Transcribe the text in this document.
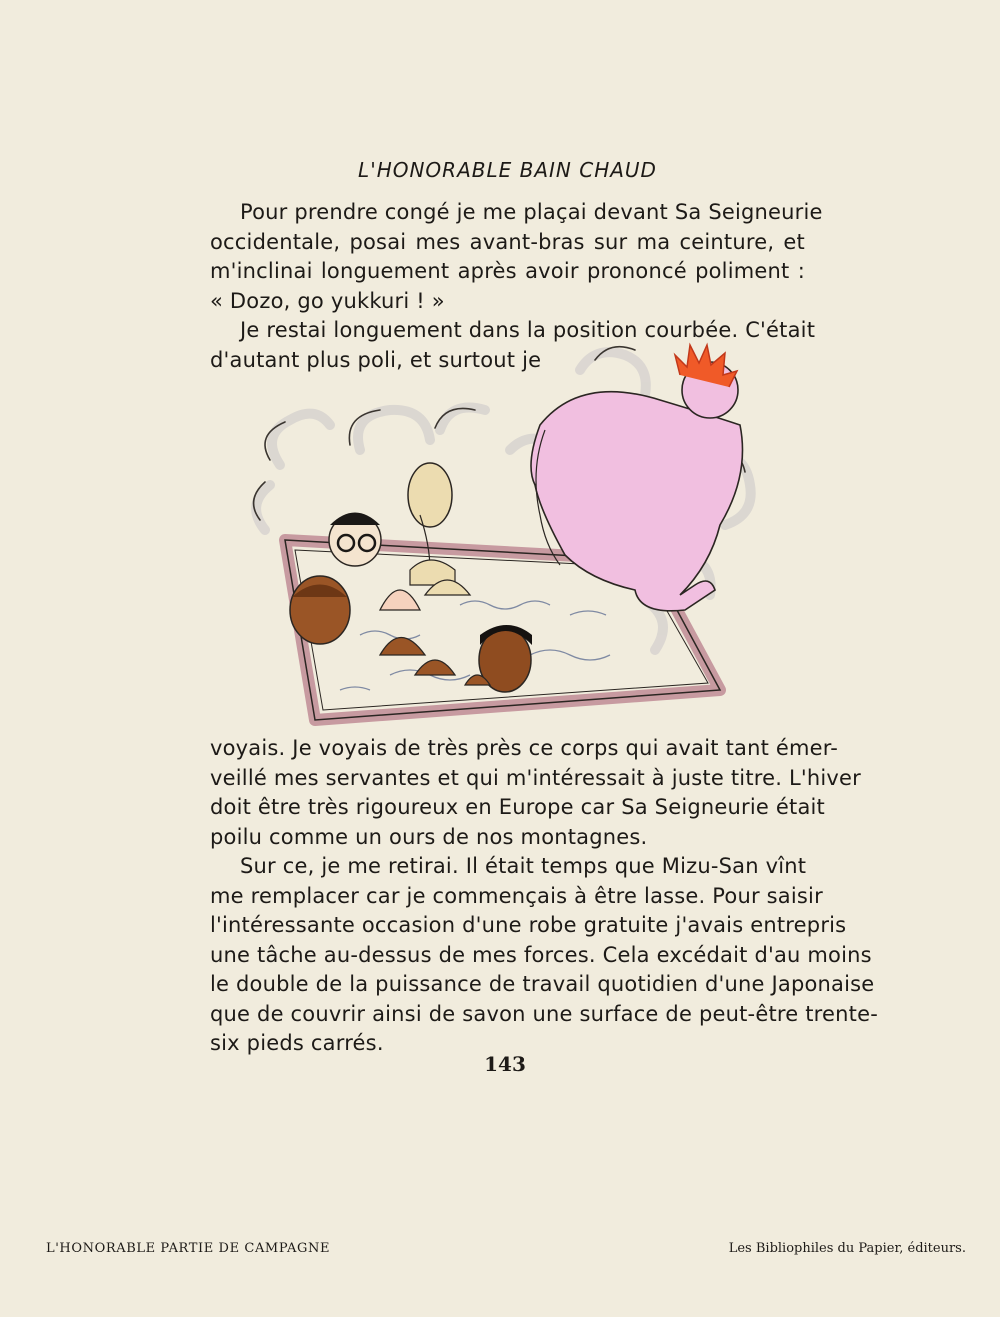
L'HONORABLE BAIN CHAUD
Pour prendre congé je me plaçai devant Sa Seigneurie
occidentale, posai mes avant-bras sur ma ceinture, et
m'inclinai longuement après avoir prononcé poliment :
« Dozo, go yukkuri ! »
Je restai longuement dans la position courbée. C'était
d'autant plus poli, et surtout je
voyais. Je voyais de très près ce corps qui avait tant émer-
veillé mes servantes et qui m'intéressait à juste titre. L'hiver
doit être très rigoureux en Europe car Sa Seigneurie était
poilu comme un ours de nos montagnes.
Sur ce, je me retirai. Il était temps que Mizu-San vînt
me remplacer car je commençais à être lasse. Pour saisir
l'intéressante occasion d'une robe gratuite j'avais entrepris
une tâche au-dessus de mes forces. Cela excédait d'au moins
le double de la puissance de travail quotidien d'une Japonaise
que de couvrir ainsi de savon une surface de peut-être trente-
six pieds carrés.
143
L'HONORABLE PARTIE DE CAMPAGNE	Les Bibliophiles du Papier, éditeurs.
